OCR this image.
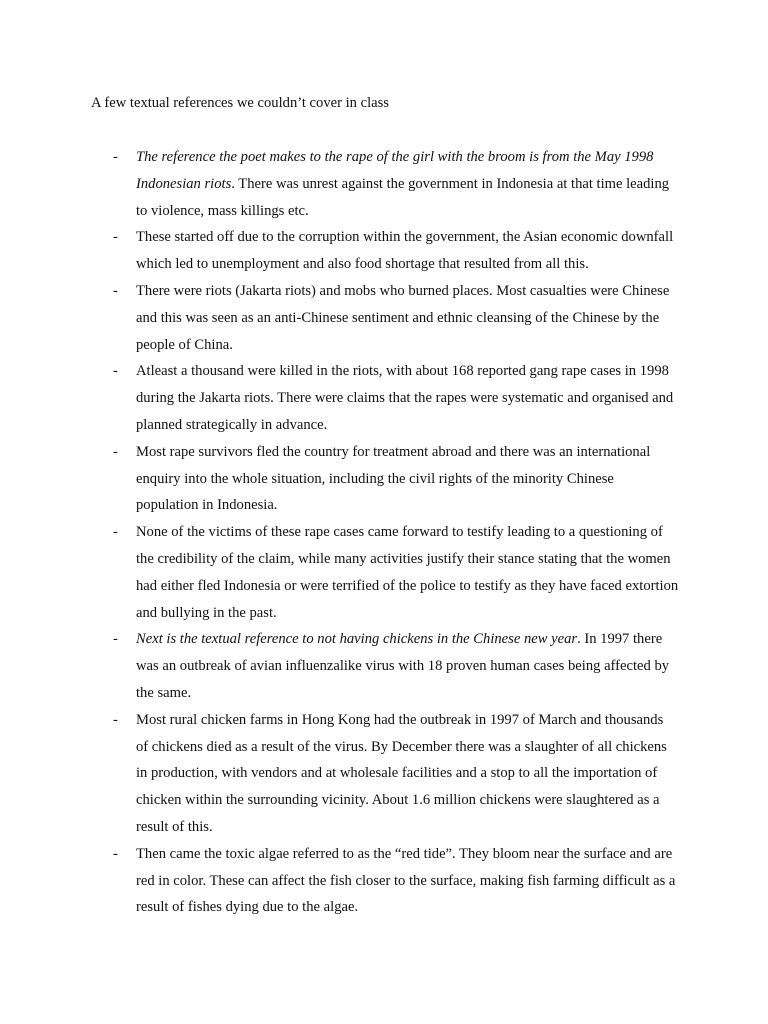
A few textual references we couldn’t cover in class
-	The reference the poet makes to the rape of the girl with the broom is from the May 1998 Indonesian riots. There was unrest against the government in Indonesia at that time leading to violence, mass killings etc.
-	These started off due to the corruption within the government, the Asian economic downfall which led to unemployment and also food shortage that resulted from all this.
-	There were riots (Jakarta riots) and mobs who burned places. Most casualties were Chinese and this was seen as an anti-Chinese sentiment and ethnic cleansing of the Chinese by the people of China.
-	Atleast a thousand were killed in the riots, with about 168 reported gang rape cases in 1998 during the Jakarta riots. There were claims that the rapes were systematic and organised and planned strategically in advance.
-	Most rape survivors fled the country for treatment abroad and there was an international enquiry into the whole situation, including the civil rights of the minority Chinese population in Indonesia.
-	None of the victims of these rape cases came forward to testify leading to a questioning of the credibility of the claim, while many activities justify their stance stating that the women had either fled Indonesia or were terrified of the police to testify as they have faced extortion and bullying in the past.
-	Next is the textual reference to not having chickens in the Chinese new year. In 1997 there was an outbreak of avian influenzalike virus with 18 proven human cases being affected by the same.
-	Most rural chicken farms in Hong Kong had the outbreak in 1997 of March and thousands of chickens died as a result of the virus. By December there was a slaughter of all chickens in production, with vendors and at wholesale facilities and a stop to all the importation of chicken within the surrounding vicinity. About 1.6 million chickens were slaughtered as a result of this.
-	Then came the toxic algae referred to as the “red tide”. They bloom near the surface and are red in color. These can affect the fish closer to the surface, making fish farming difficult as a result of fishes dying due to the algae.
